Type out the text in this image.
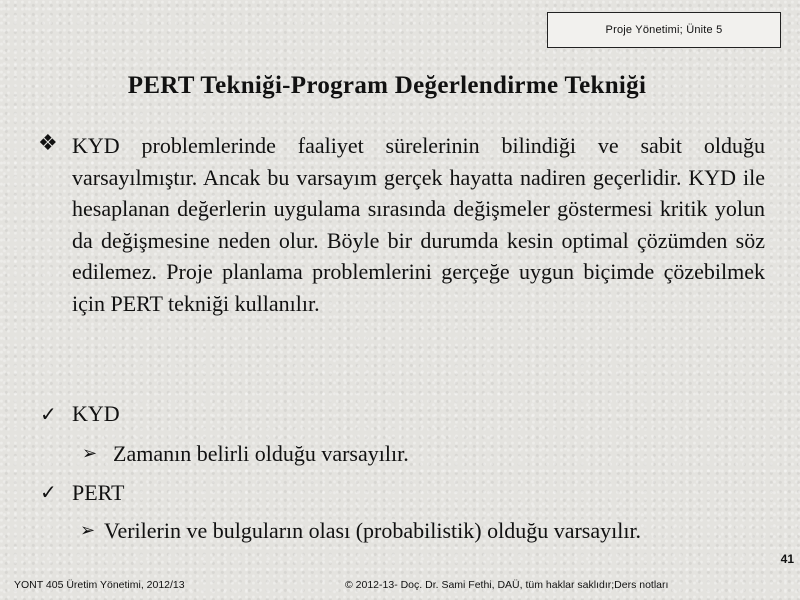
Proje Yönetimi; Ünite 5
PERT Tekniği-Program Değerlendirme Tekniği
❖ KYD problemlerinde faaliyet sürelerinin bilindiği ve sabit olduğu varsayılmıştır. Ancak bu varsayım gerçek hayatta nadiren geçerlidir. KYD ile hesaplanan değerlerin uygulama sırasında değişmeler göstermesi kritik yolun da değişmesine neden olur. Böyle bir durumda kesin optimal çözümden söz edilemez. Proje planlama problemlerini gerçeğe uygun biçimde çözebilmek için PERT tekniği kullanılır.
✓ KYD
➢ Zamanın belirli olduğu varsayılır.
✓ PERT
➢ Verilerin ve bulguların olası (probabilistik) olduğu varsayılır.
41
YONT 405 Üretim Yönetimi, 2012/13	© 2012-13- Doç. Dr. Sami Fethi, DAÜ, tüm haklar saklıdır;Ders notları
